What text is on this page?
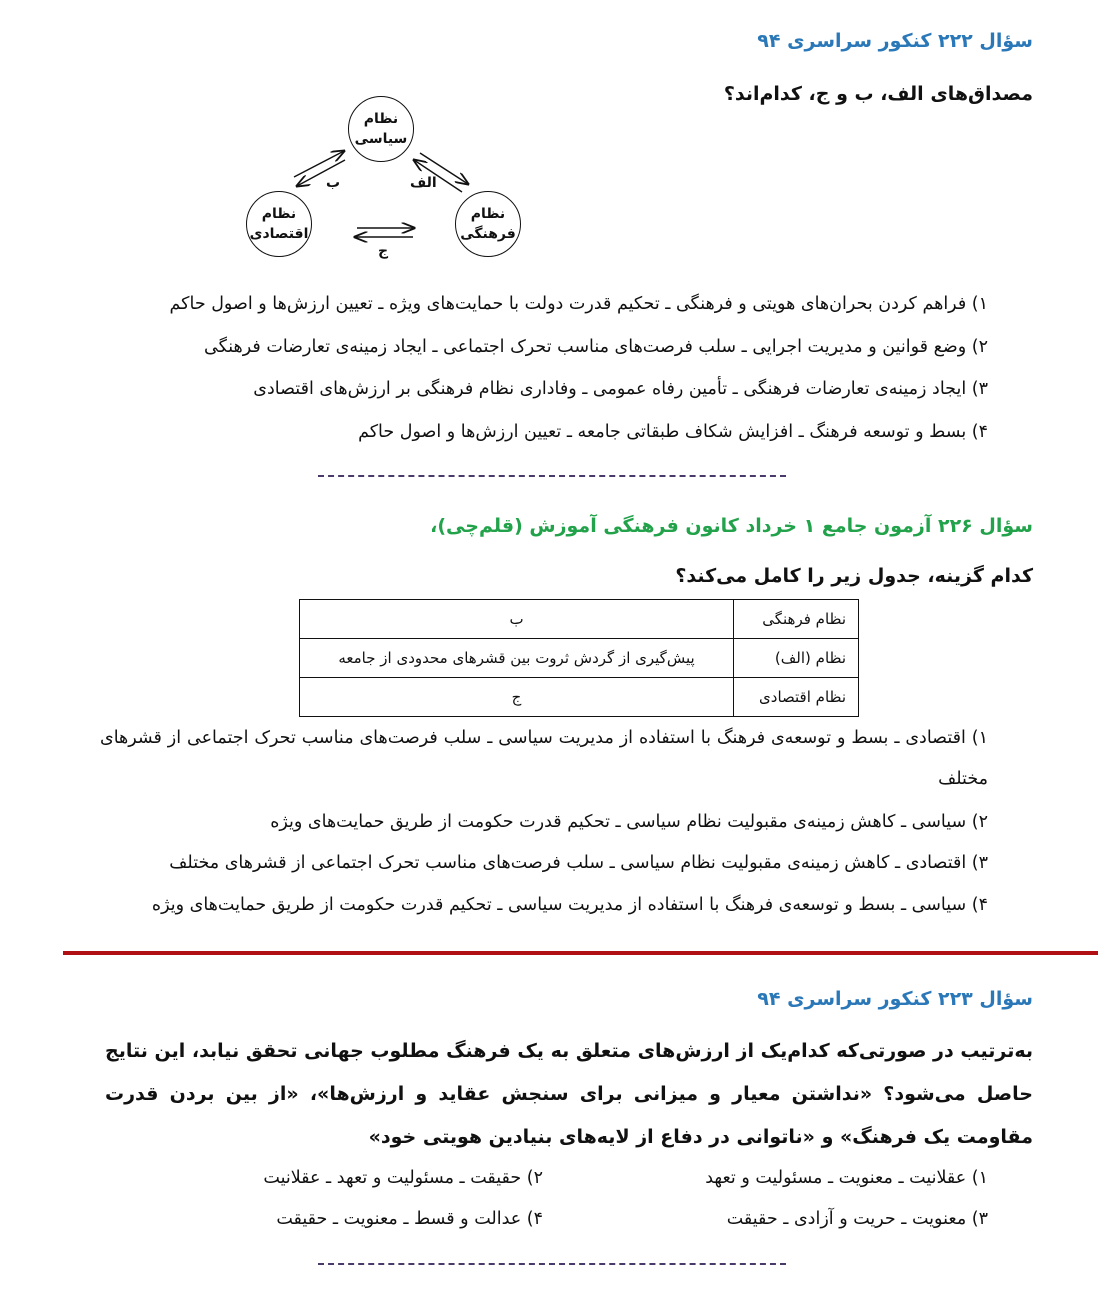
سؤال ۲۲۲ کنکور سراسری ۹۴
مصداق‌های الف، ب و ج، کدام‌اند؟
نظام
سیاسی
نظام
اقتصادی
نظام
فرهنگی
ب	الف
ج
۱) فراهم کردن بحران‌های هویتی و فرهنگی ـ تحکیم قدرت دولت با حمایت‌های ویژه ـ تعیین ارزش‌ها و اصول حاکم
۲) وضع قوانین و مدیریت اجرایی ـ سلب فرصت‌های مناسب تحرک اجتماعی ـ ایجاد زمینه‌ی تعارضات فرهنگی
۳) ایجاد زمینه‌ی تعارضات فرهنگی ـ تأمین رفاه عمومی ـ وفاداری نظام فرهنگی بر ارزش‌های اقتصادی
۴) بسط و توسعه فرهنگ ـ افزایش شکاف طبقاتی جامعه ـ تعیین ارزش‌ها و اصول حاکم
سؤال ۲۲۶ آزمون جامع ۱ خرداد کانون فرهنگی آموزش (قلم‌چی)،
کدام گزینه، جدول زیر را کامل می‌کند؟
نظام فرهنگی	ب
نظام (الف)	پیش‌گیری از گردش ثروت بین قشرهای محدودی از جامعه
نظام اقتصادی	ج
۱) اقتصادی ـ بسط و توسعه‌ی فرهنگ با استفاده از مدیریت سیاسی ـ سلب فرصت‌های مناسب تحرک اجتماعی از قشرهای مختلف
۲) سیاسی ـ کاهش زمینه‌ی مقبولیت نظام سیاسی ـ تحکیم قدرت حکومت از طریق حمایت‌های ویژه
۳) اقتصادی ـ کاهش زمینه‌ی مقبولیت نظام سیاسی ـ سلب فرصت‌های مناسب تحرک اجتماعی از قشرهای مختلف
۴) سیاسی ـ بسط و توسعه‌ی فرهنگ با استفاده از مدیریت سیاسی ـ تحکیم قدرت حکومت از طریق حمایت‌های ویژه
سؤال ۲۲۳ کنکور سراسری ۹۴
به‌ترتیب در صورتی‌که کدام‌یک از ارزش‌های متعلق به یک فرهنگ مطلوب جهانی تحقق نیابد، این نتایج حاصل می‌شود؟ «نداشتن معیار و میزانی برای سنجش عقاید و ارزش‌ها»، «از بین بردن قدرت مقاومت یک فرهنگ» و «ناتوانی در دفاع از لایه‌های بنیادین هویتی خود»
۱) عقلانیت ـ معنویت ـ مسئولیت و تعهد
۲) حقیقت ـ مسئولیت و تعهد ـ عقلانیت
۳) معنویت ـ حریت و آزادی ـ حقیقت
۴) عدالت و قسط ـ معنویت ـ حقیقت
